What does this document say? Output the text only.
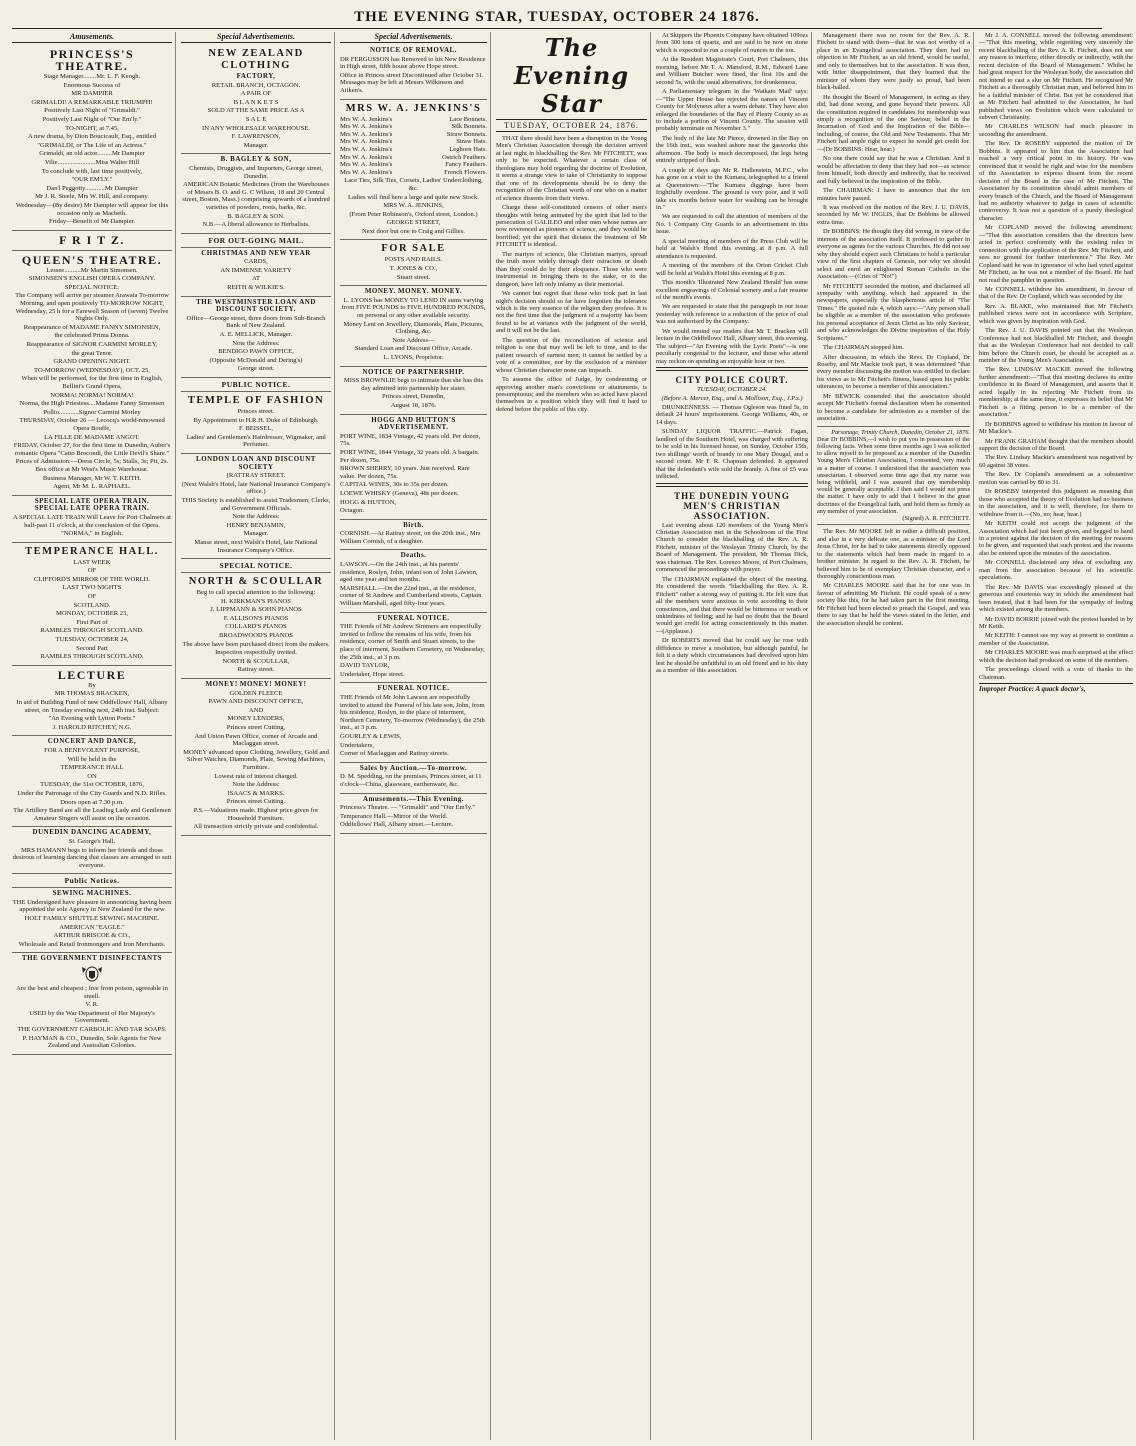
THE EVENING STAR, TUESDAY, OCTOBER 24 1876.
Amusements.
PRINCESS'S THEATRE.

Stage Manager........Mr. L. F. Keogh.

Enormous Success of

MR DAMPIER

GRIMALDI! A REMARKABLE TRIUMPH!

Positively Last Night of "Grimaldi."

Positively Last Night of "Our Em'ly."

TO-NIGHT, at 7.45,

A new drama, by Dion Boucicault, Esq., entitled

"GRIMALDI, or The Life of an Actress."

Grimaldi, an old actor.........Mr Dampier

Vilie.......................Miss Walter Hill

To conclude with, last time positively,

"OUR EM'LY."

Dan'l Peggotty............Mr Dampier

Mr J. R. Steele, Mrs W. Hill, and company.

Wednesday—(By desire) Mr Dampier will appear for this occasion only as Macbeth.

Friday—Benefit of Mr Dampier.

F R I T Z.
QUEEN'S THEATRE.

Lessee..........Mr Martin Simonsen.

SIMONSEN'S ENGLISH OPERA COMPANY.

SPECIAL NOTICE:

The Company will arrive per steamer Arawata To-morrow Morning, and open positively TO-MORROW NIGHT, Wednesday, 25 h for a Farewell Season of (seven) Twelve Nights Only.

Reappearance of MADAME FANNY SIMONSEN,

the celebrated Prima Donna.

Reappearance of SIGNOR CARMINI MORLEY,

the great Tenor.

GRAND OPENING NIGHT.

TO-MORROW (WEDNESDAY), OCT. 25,

When will be performed, for the first time in English, Bellini's Grand Opera,

NORMA! NORMA! NORMA!

Norma, the High Priestess....Madame Fanny Simonsen

Pollio............Signor Carmini Morley

THURSDAY, October 26 — Lecocq's world-renowned Opera Bouffe,

LA FILLE DE MADAME ANGOT.

FRIDAY, October 27, for the first time in Dunedin, Auber's romantic Opera "Catto Brocondi, the Little Devil's Share."

Prices of Admission:—Dress Circle, 5s; Stalls, 3s; Pit, 2s. Box office at Mr West's Music Warehouse.

Business Manager, Mr W. T. KEITH.

Agent, Mr M. L. RAPHAEL.

SPECIAL LATE OPERA TRAIN.
SPECIAL LATE OPERA TRAIN.

A SPECIAL LATE TRAIN Will Leave for Port Chalmers at half-past 11 o'clock, at the conclusion of the Opera.

"NORMA," in English.

TEMPERANCE HALL.

LAST WEEK

OF

CLIFFORD'S MIRROR OF THE WORLD.

LAST TWO NIGHTS

OF

SCOTLAND.

MONDAY, OCTOBER 23,

First Part of

RAMBLES THROUGH SCOTLAND.

TUESDAY, OCTOBER 24,

Second Part

RAMBLES THROUGH SCOTLAND.

LECTURE

By

MR THOMAS BRACKEN,

In aid of Building Fund of new Oddfellows' Hall, Albany street, on Tuesday evening next, 24th inst. Subject:

"An Evening with Lytton Poets."

J. HAROLD RITCHEY, N.G.

CONCERT AND DANCE,

FOR A BENEVOLENT PURPOSE,

Will be held in the

TEMPERANCE HALL

ON

TUESDAY, the 31st OCTOBER, 1876,

Under the Patronage of the City Guards and N.D. Rifles.

Doors open at 7.30 p.m.

The Artillery Band are all the Leading Lady and Gentlemen Amateur Singers will assist on the occasion.

DUNEDIN DANCING ACADEMY,

St. George's Hall.

MRS HAMANN begs to inform her friends and those desirous of learning dancing that classes are arranged to suit everyone.

Public Notices.
SEWING MACHINES.

THE Undersigned have pleasure in announcing having been appointed the sole Agency in New Zealand for the new

HOLT FAMILY SHUTTLE SEWING MACHINE.

AMERICAN "EAGLE."

ARTHUR BRISCOE & CO.,

Wholesale and Retail Ironmongers and Iron Merchants.

THE GOVERNMENT DISINFECTANTS

Are the best and cheapest ; free from poison, agreeable in smell.

V. R.

USED by the War Department of Her Majesty's Government.

THE GOVERNMENT CARBOLIC AND TAR SOAPS.

P. HAYMAN & CO., Dunedin, Sole Agents for New Zealand and Australian Colonies.

Special Advertisements.
NEW ZEALAND CLOTHING
FACTORY,

RETAIL BRANCH, OCTAGON.

A PAIR OF

B L A N K E T S

SOLD AT THE SAME PRICE AS A

S A L E

IN ANY WHOLESALE WAREHOUSE.

F. LAWRENSON,

Manager.

B. BAGLEY & SON,

Chemists, Druggists, and Importers, George street, Dunedin.

AMERICAN Botanic Medicines (from the Warehouses of Messrs B. O. and G. C Wilson, 18 and 20 Central street, Boston, Mass.) comprising upwards of a hundred varieties of powders, roots, barks, &c.

B. BAGLEY & SON.

N.B.—A liberal allowance to Herbalists.

FOR OUT-GOING MAIL.
CHRISTMAS AND NEW YEAR

CARDS,

AN IMMENSE VARIETY

AT

REITH & WILKIE'S.

THE WESTMINSTER LOAN AND DISCOUNT SOCIETY.

Office—George street, three doors from Sub-Branch Bank of New Zealand.

A. E. MELLICK, Manager.

Note the Address:

BENDIGO PAWN OFFICE,

(Opposite McDonald and Dering's)

George street.

PUBLIC NOTICE.
TEMPLE OF FASHION

Princes street.

By Appointment to H.R.H. Duke of Edinburgh.

F. BEISSEL,

Ladies' and Gentlemen's Hairdresser, Wigmaker, and Perfumer.

LONDON LOAN AND DISCOUNT SOCIETY

(RATTRAY STREET.

(Next Walsh's Hotel, late National Insurance Company's office.)

THIS Society is established to assist Tradesmen, Clerks, and Government Officials.

Note the Address:

HENRY BENJAMIN,

Manager.

Manse street, next Walsh's Hotel, late National Insurance Company's Office.

SPECIAL NOTICE.
NORTH & SCOULLAR

Beg to call special attention to the following:

H. KIRKMAN'S PIANOS

J. LIPPMANN & SOHN PIANOS

F. ALLISON'S PIANOS

COLLARD'S PIANOS

BROADWOOD'S PIANOS

The above have been purchased direct from the makers.

Inspection respectfully invited.

NORTH & SCOULLAR,

Rattray street.

MONEY! MONEY! MONEY!

GOLDEN FLEECE

PAWN AND DISCOUNT OFFICE,

AND

MONEY LENDERS,

Princes street Cutting,

And Union Pawn Office, corner of Arcade and Maclaggan street.

MONEY advanced upon Clothing, Jewellery, Gold and Silver Watches, Diamonds, Plate, Sewing Machines, Furniture.

Lowest rate of interest charged.

Note the Address:

ISAACS & MARKS.

Princes street Cutting.

P.S.—Valuations made. Highest price given for Household Furniture.

All transaction strictly private and confidential.

Special Advertisements.
NOTICE OF REMOVAL.

DR FERGUSSON has Removed to his New Residence in High street, fifth house above Hope street.

Office in Princes street Discontinued after October 31. Messages may be left at Messrs Wilkinson and Aitken's.

MRS W. A. JENKINS'S
Mrs W. A. Jenkins's	Lace Bonnets.
Mrs W. A. Jenkins's	Silk Bonnets.
Mrs W. A. Jenkins's	Straw Bonnets.
Mrs W. A. Jenkins's	Straw Hats.
Mrs W. A. Jenkins's	Leghorn Hats.
Mrs W. A. Jenkins's	Ostrich Feathers.
Mrs W. A. Jenkins's	Fancy Feathers.
Mrs W. A. Jenkins's	French Flowers.

Lace Ties, Silk Ties, Corsets, Ladies' Underclothing, &c.

Ladies will find here a large and quite new Stock.

MRS W. A. JENKINS,

(From Peter Robinson's, Oxford street, London.)

GEORGE STREET,

Next door but one to Craig and Gillies.

FOR SALE

POSTS AND RAILS.

T. JONES & CO.,

Stuart street.

MONEY. MONEY. MONEY.

L. LYONS has MONEY TO LEND IN sums varying from FIVE POUNDS to FIVE HUNDRED POUNDS, on personal or any other available security.

Money Lent on Jewellery, Diamonds, Plate, Pictures, Clothing, &c.

Note Address—

Standard Loan and Discount Office, Arcade.

L. LYONS, Proprietor.

NOTICE OF PARTNERSHIP.

MISS BROWNLIE begs to intimate that she has this day admitted into partnership her sister.

Princes street, Dunedin,

August 18, 1876.

HOGG AND HUTTON'S ADVERTISEMENT.

PORT WINE, 1834 Vintage, 42 years old. Per dozen, 75s.

PORT WINE, 1844 Vintage, 32 years old. A bargain. Per dozen, 75s.

BROWN SHERRY, 10 years. Just received. Rare value. Per dozen, 75s.

CAPITAL WINES, 30s to 35s per dozen.

LOEWE WHISKY (Geneva), 48s per dozen.

HOGG & HUTTON,

Octagon.

Birth.

CORNISH.—At Rattray street, on the 20th inst., Mrs William Cornish, of a daughter.

Deaths.

LAWSON.—On the 24th inst., at his parents' residence, Roslyn, John, infant son of John Lawson, aged one year and ten months.

MARSHALL.—On the 22nd inst., at the residence, corner of St Andrew and Cumberland streets, Captain William Marshall, aged fifty-four years.

FUNERAL NOTICE.

THE Friends of Mr Andrew Simmers are respectfully invited to follow the remains of his wife, from his residence, corner of Smith and Stuart streets, to the place of interment, Southern Cemetery, on Wednesday, the 25th inst., at 3 p.m.

DAVID TAYLOR,

Undertaker, Hope street.

FUNERAL NOTICE.

THE Friends of Mr John Lawson are respectfully invited to attend the Funeral of his late son, John, from his residence, Roslyn, to the place of interment, Northern Cemetery, To-morrow (Wednesday), the 25th inst., at 3 p.m.

GOURLEY & LEWIS,

Undertakers,

Corner of Maclaggan and Rattray streets.

Sales by Auction.—To-morrow.

D. M. Spedding, on the premises, Princes street, at 11 o'clock—China, glassware, earthenware, &c.

Amusements.—This Evening.

Princess's Theatre. — "Grimaldi" and "Our Em'ly."

Temperance Hall.—Mirror of the World.

Oddfellows' Hall, Albany street.—Lecture.

The Evening Star
TUESDAY, OCTOBER 24, 1876.

THAT there should have been a disruption in the Young Men's Christian Association through the decision arrived at last night in blackballing the Rev. Mr FITCHETT, was only to be expected. Whatever a certain class of theologians may hold regarding the doctrine of Evolution, it seems a strange view to take of Christianity to suppose that one of its developments should be to deny the recognition of the Christian worth of one who on a matter of science dissents from their views.

Charge these self-constituted censors of other men's thoughts with being animated by the spirit that led to the persecution of GALILEO and other men whose names are now reverenced as pioneers of science, and they would be horrified; yet the spirit that dictates the treatment of Mr FITCHETT is identical.

The martyrs of science, like Christian martyrs, spread the truth more widely through their ostracism or death than they could do by their eloquence. Those who were instrumental in bringing them to the stake, or to the dungeon, have left only infamy as their memorial.

We cannot but regret that those who took part in last night's decision should so far have forgotten the tolerance which is the very essence of the religion they profess. It is not the first time that the judgment of a majority has been found to be at variance with the judgment of the world, and it will not be the last.

The question of the reconciliation of science and religion is one that may well be left to time, and to the patient research of earnest men; it cannot be settled by a vote of a committee, nor by the exclusion of a minister whose Christian character none can impeach.

To assume the office of Judge, by condemning or approving another man's convictions or attainments, is presumptuous; and the members who so acted have placed themselves in a position which they will find it hard to defend before the public of this city.

At Skippers the Phoenix Company have obtained 109ozs from 300 tons of quartz, and are said to be now on stone which is expected to run a couple of ounces to the ton.

At the Resident Magistrate's Court, Port Chalmers, this morning, before Mr T. A. Mansford, R.M., Edward Lane and William Butcher were fined, the first 10s and the second 5s, with the usual alternatives, for drunkenness.

A Parliamentary telegram in the 'Waikato Mail' says:—"The Upper House has rejected the names of Vincent County for Molyneux after a warm debate. They have also enlarged the boundaries of the Bay of Plenty County so as to include a portion of Vincent County. The session will probably terminate on November 3."

The body of the late Mr Pierce, drowned in the Bay on the 16th inst., was washed ashore near the gasworks this afternoon. The body is much decomposed, the legs being entirely stripped of flesh.

A couple of days ago Mr R. Hallenstein, M.P.C., who has gone on a visit to the Kumara, telegraphed to a friend at Queenstown:—"The Kumara diggings have been frightfully overdone. The ground is very poor, and it will take six months before water for washing can be brought in."

We are requested to call the attention of members of the No. 1 Company City Guards to an advertisement in this issue.

A special meeting of members of the Press Club will be held at Walsh's Hotel this evening at 8 p.m. A full attendance is requested.

A meeting of the members of the Orion Cricket Club will be held at Walsh's Hotel this evening at 8 p.m.

This month's 'Illustrated New Zealand Herald' has some excellent engravings of Colonial scenery and a fair resume of the month's events.

We are requested to state that the paragraph in our issue yesterday with reference to a reduction of the price of coal was not authorised by the Company.

We would remind our readers that Mr T. Bracken will lecture in the Oddfellows' Hall, Albany street, this evening. The subject—"An Evening with the Lyric Poets"—is one peculiarly congenial to the lecturer, and those who attend may reckon on spending an enjoyable hour or two.

CITY POLICE COURT.
TUESDAY, OCTOBER 24.
(Before A. Mercer, Esq., and A. Mollison, Esq., J.P.s.)

DRUNKENNESS. — Thomas Ogleson was fined 5s, in default 24 hours' imprisonment. George Williams, 40s, or 14 days.

SUNDAY LIQUOR TRAFFIC.—Patrick Fagan, landlord of the Southern Hotel, was charged with suffering to be sold in his licensed house, on Sunday, October 15th, two shillings' worth of brandy to one Mary Dougal, and a second count. Mr F. R. Chapman defended. It appeared that the defendant's wife sold the brandy. A fine of £5 was inflicted.

THE DUNEDIN YOUNG MEN'S CHRISTIAN ASSOCIATION.

Last evening about 120 members of the Young Men's Christian Association met in the Schoolroom of the First Church to consider the blackballing of the Rev. A. R. Fitchett, minister of the Wesleyan Trinity Church, by the Board of Management. The president, Mr Thomas Dick, was chairman. The Rev. Lorenzo Moore, of Port Chalmers, commenced the proceedings with prayer.

The CHAIRMAN explained the object of the meeting. He considered the words "blackballing the Rev. A. R. Fitchett" rather a strong way of putting it. He felt sure that all the members were anxious to vote according to their consciences, and that there would be bitterness or wrath or unkindness of feeling; and he had no doubt that the Board would get credit for acting conscientiously in this matter.—(Applause.)

Dr ROBERTS moved that he could say he rose with diffidence to move a resolution, but although painful, he felt it a duty which circumstances had devolved upon him lest he should be unfaithful to an old friend and to his duty as a member of this association.

Management there was no room for the Rev. A. R. Fitchett to stand with them—that he was not worthy of a place in an Evangelical association. They then had no objection to Mr Fitchett, as an old friend, would be useful, and only to themselves but to the association. It was then, with bitter disappointment, that they learned that the minister of whom they were justly so proud, had been black-balled.

He thought the Board of Management, in acting as they did, had done wrong, and gone beyond their powers. All the constitution required in candidates for membership was simply a recognition of the one Saviour, belief in the Incarnation of God and the Inspiration of the Bible—including, of course, the Old and New Testaments. That Mr Fitchett had ample right to expect he would get credit for.—(Dr BOBBINS: Hear, hear.)

No one there could say that he was a Christian. And it would be affectation to deny that they had not—as science from himself, both directly and indirectly, that he received and fully believed in the inspiration of the Bible.

The CHAIRMAN: I have to announce that the ten minutes have passed.

It was resolved on the motion of the Rev. J. U. DAVIS, seconded by Mr W. INGLIS, that Dr Bobbins be allowed extra time.

Dr BOBBINS: He thought they did wrong, in view of the interests of the association itself. It professed to gather in everyone as agents for the various Churches. He did not see why they should expect such Christians to hold a particular view of the first chapters of Genesis, nor why we should select and enrol an enlightened Roman Catholic in the Association.—(Cries of "No!")

Mr FITCHETT seconded the motion, and disclaimed all sympathy with anything which had appeared in the newspapers, especially the blasphemous article of "The Times." He quoted rule 4, which says:—"Any person shall be eligible as a member of the association who professes his personal acceptance of Jesus Christ as his only Saviour, and who acknowledges the Divine inspiration of the Holy Scriptures."

The CHAIRMAN stopped him.

After discussion, in which the Revs. Dr Copland, Dr Roseby, and Mr Mackie took part, it was determined "that every member discussing the motion was entitled to declare his views as to Mr Fitchett's fitness, based upon his public utterances, to become a member of this association."

Mr BEWICK contended that the association should accept Mr Fitchett's formal declaration when he consented to become a candidate for admission as a member of the association.

Parsonage, Trinity Church, Dunedin, October 21, 1876.
Dear Dr BOBBINS,—I wish to put you in possession of the following facts. When some three months ago I was solicited to allow myself to be proposed as a member of the Dunedin Young Men's Christian Association, I consented, very much as a matter of course. I understood that the association was unsectarian. I observed some time ago that my name was being withheld, and I was assured that my membership would be generally acceptable. I then said I would not press the matter. I have only to add that I believe in the great doctrines of the Evangelical faith, and hold them as firmly as any member of your association.
(Signed) A. R. FITCHETT.

The Rev. Mr MOORE felt in rather a difficult position, and also in a very delicate one, as a minister of the Lord Jesus Christ, for he had to take statements directly opposed to the statements which had been made in regard to a brother minister. In regard to the Rev. A. R. Fitchett, he believed him to be of exemplary Christian character, and a thoroughly conscientious man.

Mr CHARLES MOORE said that he for one was in favour of admitting Mr Fitchett. He could speak of a new society like this, for he had taken part in the first meeting. Mr Fitchett had been elected to preach the Gospel, and was there to say that he held the views stated in the letter, and the association should be content.

Mr J. A. CONNELL moved the following amendment:—"That this meeting, while regretting very sincerely the recent blackballing of the Rev. A. R. Fitchett, does not see any reason to interfere, either directly or indirectly, with the recent decision of the Board of Management." Whilst he had great respect for the Wesleyan body, the association did not intend to cast a slur on Mr Fitchett. He recognised Mr Fitchett as a thoroughly Christian man, and believed him to be a faithful minister of Christ. But yet he considered that as Mr Fitchett had admitted to the Association, he had published views on Evolution which were calculated to subvert Christianity.

Mr CHARLES WILSON had much pleasure in seconding the amendment.

The Rev. Dr ROSEBY supported the motion of Dr Bobbins. It appeared to him that the Association had reached a very critical point in its history. He was convinced that it would be right and wise for the members of the Association to express dissent from the recent decision of the Board in the case of Mr Fitchett. The Association by its constitution should admit members of every branch of the Church, and the Board of Management had no authority whatever to judge in cases of scientific controversy. It was not a question of a purely theological character.

Mr COPLAND moved the following amendment:—"That this association considers that the directors have acted in perfect conformity with the existing rules in connection with the application of the Rev. Mr Fitchett, and sees no ground for further interference." The Rev. Mr Copland said he was in ignorance of who had voted against Mr Fitchett, as he was not a member of the Board. He had not read the pamphlet in question.

Mr CONNELL withdrew his amendment, in favour of that of the Rev. Dr Copland, which was seconded by the

Rev. A. BLAKE, who maintained that Mr Fitchett's published views were not in accordance with Scripture, which was given by inspiration with God.

The Rev. J. U. DAVIS pointed out that the Wesleyan Conference had not blackballed Mr Fitchett, and thought that as the Wesleyan Conference had not decided to call him before the Church court, he should be accepted as a member of the Young Men's Association.

The Rev. LINDSAY MACKIE moved the following further amendment:—"That this meeting declares its entire confidence in its Board of Management, and asserts that it acted legally in its rejecting Mr Fitchett from its membership; at the same time, it expresses its belief that Mr Fitchett is a fitting person to be a member of the association."

Dr BOBBINS agreed to withdraw his motion in favour of Mr Mackie's.

Mr FRANK GRAHAM thought that the members should support the decision of the Board.

The Rev. Lindsay Mackie's amendment was negatived by 60 against 38 votes.

The Rev. Dr Copland's amendment as a substantive motion was carried by 80 to 31.

Dr ROSEBY interpreted this judgment as meaning that those who accepted the theory of Evolution had no business in the association, and it is well, therefore, for them to withdraw from it.—(No, no; hear, hear.)

Mr KEITH could not accept the judgment of the Association which had just been given, and begged to hand in a protest against the decision of the meeting for reasons to be given, and requested that such protest and the reasons also be entered upon the minutes of the association.

Mr CONNELL disclaimed any idea of excluding any man from the association because of his scientific speculations.

The Rev. Mr DAVIS was exceedingly pleased at the generous and courteous way in which the amendment had been treated, that it had been for the sympathy of feeling which existed among the members.

Mr DAVID BORRIE joined with the protest handed in by Mr Keith.

Mr KEITH: I cannot see my way at present to continue a member of the Association.

Mr CHARLES MOORE was much surprised at the effect which the decision had produced on some of the members.

The proceedings closed with a vote of thanks to the Chairman.

Improper Practice: A quack doctor's,
